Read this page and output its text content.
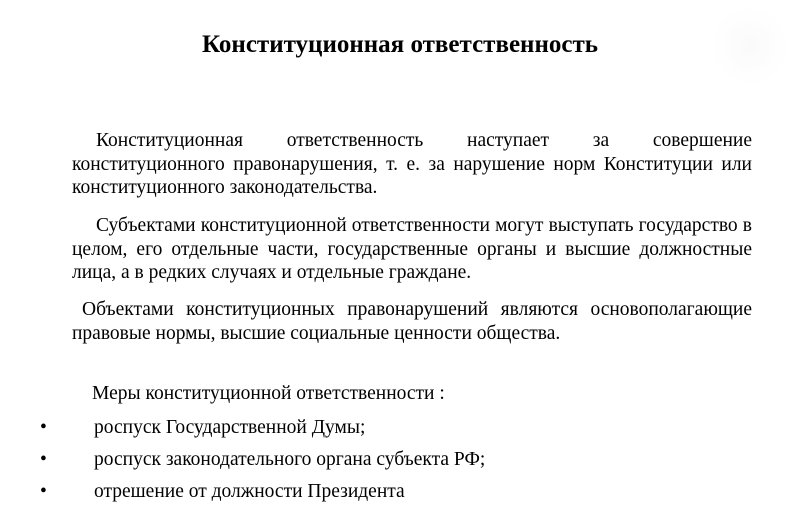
Конституционная ответственность

Конституционная ответственность наступает за совершение конституционного правонарушения, т. е. за нарушение норм Конституции или конституционного законодательства.

Субъектами конституционной ответственности могут выступать государство в целом, его отдельные части, государственные органы и высшие должностные лица, а в редких случаях и отдельные граждане.

Объектами конституционных правонарушений являются основополагающие правовые нормы, высшие социальные ценности общества.

Меры конституционной ответственности :
• роспуск Государственной Думы;
• роспуск законодательного органа субъекта РФ;
• отрешение от должности Президента
